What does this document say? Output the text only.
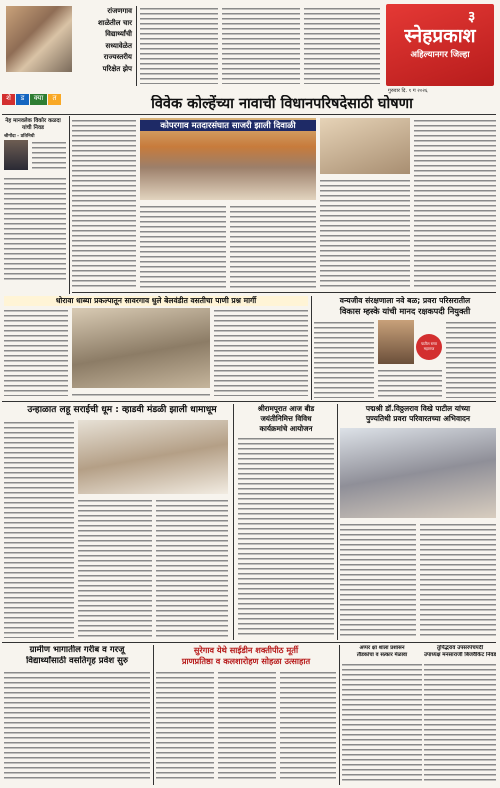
रांजणगाव
शाळेतील चार
विद्यार्थ्यांची
सध्यावेळेत
राज्यस्तरीय
परिक्षेत झेप
३
स्नेहप्रकाश
अहिल्यानगर जिल्हा
गुरुवार दि. १ ग २०२६
शे	ड	क्या	त	विवेक कोल्हेंच्या नावाची विधानपरिषदेसाठी घोषणा
नेह मानवलेक विकोर कळदा यांची निवड
श्रीगोंदा - प्रतिनिधी
कोपरगाव मतदारसंघात साजरी झाली दिवाळी
धोरावा धाब्या प्रकल्पातून सावरगाव धुले बेलवंडीत वसतीचा पाणी प्रश्न मार्गी	वन्यजीव संरक्षणाला नवे बळ; प्रवरा परिसरातील
विकास म्हस्के यांची मानद रक्षकपदी नियुक्ती
पाटील राणा महाराज
उन्हाळात लहू सराईची धूम : व्हाडवी मंडळी झाली धामाधूम	श्रीरामपूरात आज बीड
जयंतीनिमित्त विविध
कार्यक्रमांचे आयोजन
पद्मश्री डॉ.विठ्ठलराव विखे पाटील यांच्या
पुण्यतिथी प्रवरा परिवारतच्या अभिवादन
ग्रामीण भागातील गरीब व गरजू
विद्यार्थ्यांसाठी वसतिगृह प्रवेश सुरु
सुरेगाव येथे साईडीन शक्तीपीठ मूर्ती
प्राणप्रतिष्ठा व कलशारोहण सोहळा उत्साहात
अप्पर क्षा शाला प्रशासन
तौडकांचा व सत्कार मेळावा
तुर्पिद्भराव उपसरपंचपदी
उपाध्यक्ष मनसाराजी बिजवैकिट निवड
